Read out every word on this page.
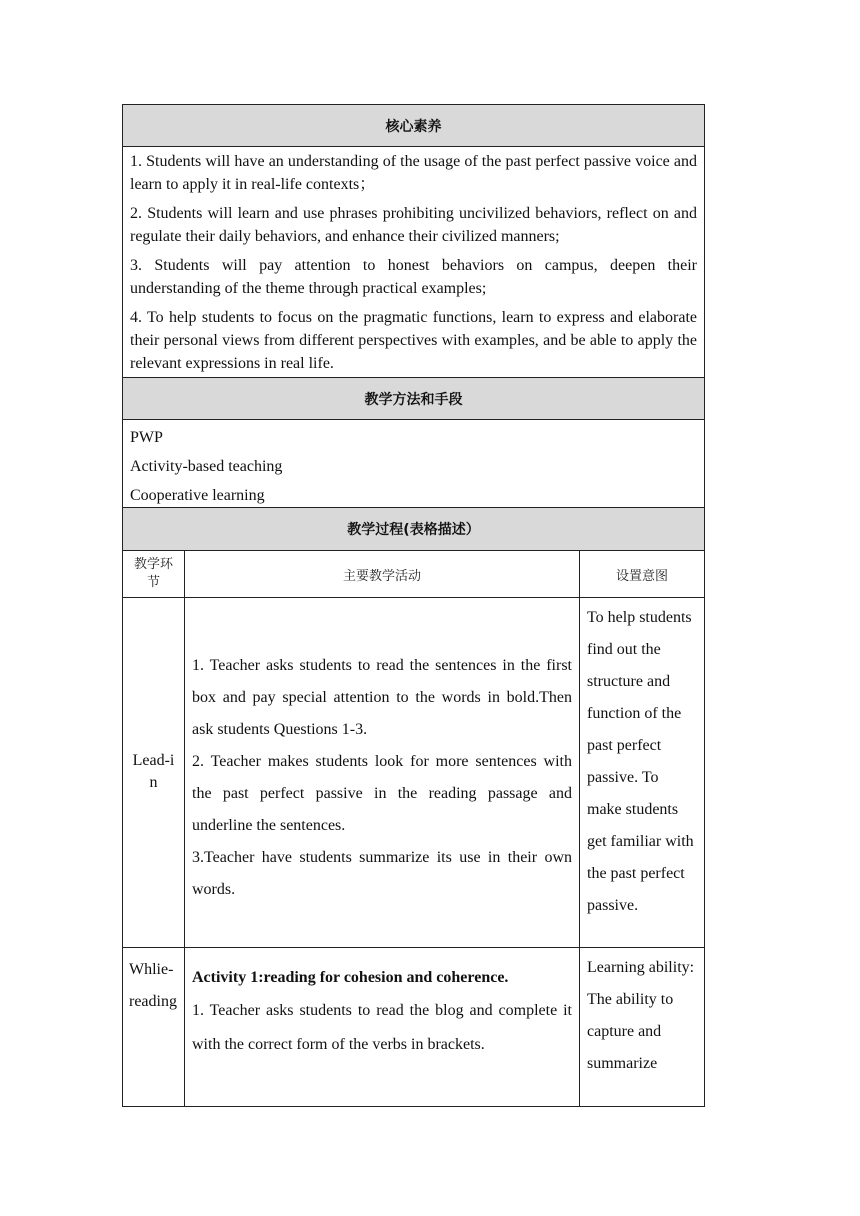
核心素养

1. Students will have an understanding of the usage of the past perfect passive voice and learn to apply it in real-life contexts；

2. Students will learn and use phrases prohibiting uncivilized behaviors, reflect on and regulate their daily behaviors, and enhance their civilized manners;

3. Students will pay attention to honest behaviors on campus, deepen their understanding of the theme through practical examples;

4. To help students to focus on the pragmatic functions, learn to express and elaborate their personal views from different perspectives with examples, and be able to apply the relevant expressions in real life.

教学方法和手段

PWP

Activity-based teaching

Cooperative learning

教学过程(表格描述）
教学环节	主要教学活动	设置意图
Lead-in

1. Teacher asks students to read the sentences in the first box and pay special attention to the words in bold.Then ask students Questions 1-3.

2. Teacher makes students look for more sentences with the past perfect passive in the reading passage and underline the sentences.

3.Teacher have students summarize its use in their own words.

To help students find out the structure and function of the past perfect passive. To make students get familiar with the past perfect passive.
Whlie-reading

Activity 1:reading for cohesion and coherence.

1. Teacher asks students to read the blog and complete it with the correct form of the verbs in brackets.

Learning ability: The ability to capture and summarize
